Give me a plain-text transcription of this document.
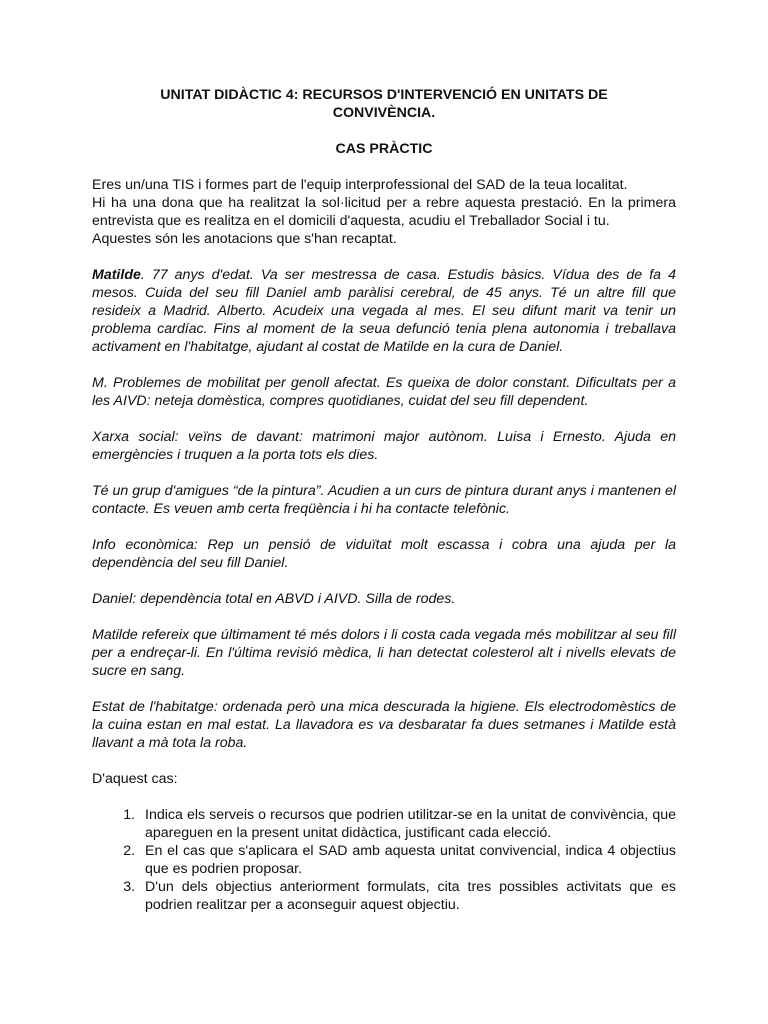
UNITAT DIDÀCTIC 4: RECURSOS D'INTERVENCIÓ EN UNITATS DE CONVIVÈNCIA.
CAS PRÀCTIC

Eres un/una TIS i formes part de l'equip interprofessional del SAD de la teua localitat.

Hi ha una dona que ha realitzat la sol·licitud per a rebre aquesta prestació. En la primera entrevista que es realitza en el domicili d'aquesta, acudiu el Treballador Social i tu.

Aquestes són les anotacions que s'han recaptat.

Matilde. 77 anys d'edat. Va ser mestressa de casa. Estudis bàsics. Vídua des de fa 4 mesos. Cuida del seu fill Daniel amb paràlisi cerebral, de 45 anys. Té un altre fill que resideix a Madrid. Alberto. Acudeix una vegada al mes. El seu difunt marit va tenir un problema cardíac. Fins al moment de la seua defunció tenia plena autonomia i treballava activament en l'habitatge, ajudant al costat de Matilde en la cura de Daniel.

M. Problemes de mobilitat per genoll afectat. Es queixa de dolor constant. Dificultats per a les AIVD: neteja domèstica, compres quotidianes, cuidat del seu fill dependent.

Xarxa social: veïns de davant: matrimoni major autònom. Luisa i Ernesto. Ajuda en emergències i truquen a la porta tots els dies.

Té un grup d'amigues “de la pintura”. Acudien a un curs de pintura durant anys i mantenen el contacte. Es veuen amb certa freqüència i hi ha contacte telefònic.

Info econòmica: Rep un pensió de viduïtat molt escassa i cobra una ajuda per la dependència del seu fill Daniel.

Daniel: dependència total en ABVD i AIVD. Silla de rodes.

Matilde refereix que últimament té més dolors i li costa cada vegada més mobilitzar al seu fill per a endreçar-li. En l'última revisió mèdica, li han detectat colesterol alt i nivells elevats de sucre en sang.

Estat de l'habitatge: ordenada però una mica descurada la higiene. Els electrodomèstics de la cuina estan en mal estat. La llavadora es va desbaratar fa dues setmanes i Matilde està llavant a mà tota la roba.

D'aquest cas:

1. Indica els serveis o recursos que podrien utilitzar-se en la unitat de convivència, que apareguen en la present unitat didàctica, justificant cada elecció.
2. En el cas que s'aplicara el SAD amb aquesta unitat convivencial, indica 4 objectius que es podrien proposar.
3. D'un dels objectius anteriorment formulats, cita tres possibles activitats que es podrien realitzar per a aconseguir aquest objectiu.
